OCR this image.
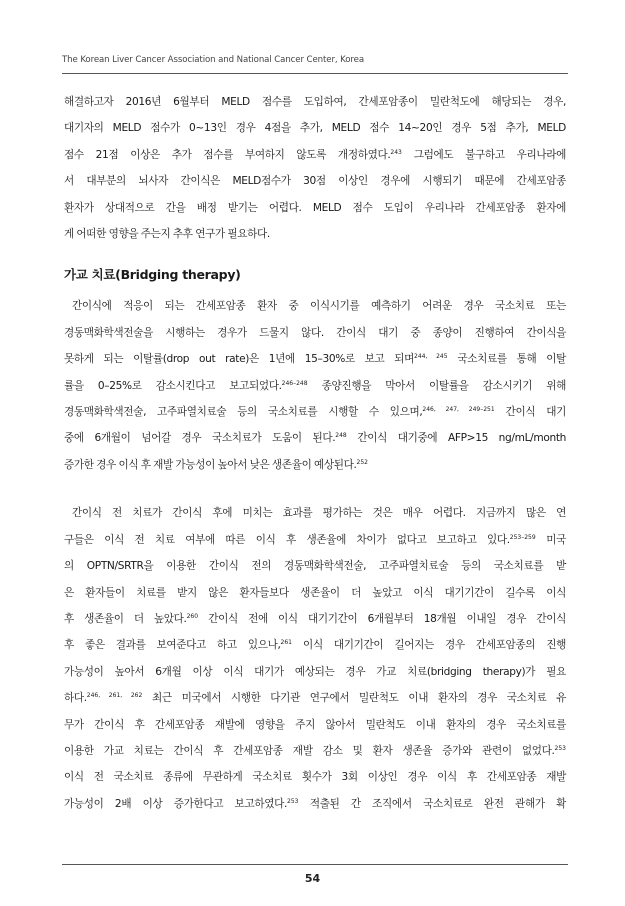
The Korean Liver Cancer Association and National Cancer Center, Korea
해결하고자 2016년 6월부터 MELD 점수를 도입하여, 간세포암종이 밀란척도에 해당되는 경우,
대기자의 MELD 점수가 0~13인 경우 4점을 추가, MELD 점수 14~20인 경우 5점 추가, MELD
점수 21점 이상은 추가 점수를 부여하지 않도록 개정하였다.$^{243}$ 그럼에도 불구하고 우리나라에
서 대부분의 뇌사자 간이식은 MELD점수가 30점 이상인 경우에 시행되기 때문에 간세포암종
환자가 상대적으로 간을 배정 받기는 어렵다. MELD 점수 도입이 우리나라 간세포암종 환자에
게 어떠한 영향을 주는지 추후 연구가 필요하다.
가교 치료(Bridging therapy)
간이식에 적응이 되는 간세포암종 환자 중 이식시기를 예측하기 어려운 경우 국소치료 또는
경동맥화학색전술을 시행하는 경우가 드물지 않다. 간이식 대기 중 종양이 진행하여 간이식을
못하게 되는 이탈률(drop out rate)은 1년에 15–30%로 보고 되며$^{244, 245}$ 국소치료를 통해 이탈
률을 0–25%로 감소시킨다고 보고되었다.$^{246-248}$ 종양진행을 막아서 이탈률을 감소시키기 위해
경동맥화학색전술, 고주파열치료술 등의 국소치료를 시행할 수 있으며,$^{246, 247, 249-251}$ 간이식 대기
중에 6개월이 넘어갈 경우 국소치료가 도움이 된다.$^{248}$ 간이식 대기중에 AFP>15 ng/mL/month
증가한 경우 이식 후 재발 가능성이 높아서 낮은 생존율이 예상된다.$^{252}$
간이식 전 치료가 간이식 후에 미치는 효과를 평가하는 것은 매우 어렵다. 지금까지 많은 연
구들은 이식 전 치료 여부에 따른 이식 후 생존율에 차이가 없다고 보고하고 있다.$^{253-259}$ 미국
의 OPTN/SRTR을 이용한 간이식 전의 경동맥화학색전술, 고주파열치료술 등의 국소치료를 받
은 환자들이 치료를 받지 않은 환자들보다 생존율이 더 높았고 이식 대기기간이 길수록 이식
후 생존율이 더 높았다.$^{260}$ 간이식 전에 이식 대기기간이 6개월부터 18개월 이내일 경우 간이식
후 좋은 결과를 보여준다고 하고 있으나,$^{261}$ 이식 대기기간이 길어지는 경우 간세포암종의 진행
가능성이 높아서 6개월 이상 이식 대기가 예상되는 경우 가교 치료(bridging therapy)가 필요
하다.$^{246, 261, 262}$ 최근 미국에서 시행한 다기관 연구에서 밀란척도 이내 환자의 경우 국소치료 유
무가 간이식 후 간세포암종 재발에 영향을 주지 않아서 밀란척도 이내 환자의 경우 국소치료를
이용한 가교 치료는 간이식 후 간세포암종 재발 감소 및 환자 생존율 증가와 관련이 없었다.$^{253}$
이식 전 국소치료 종류에 무관하게 국소치료 횟수가 3회 이상인 경우 이식 후 간세포암종 재발
가능성이 2배 이상 증가한다고 보고하였다.$^{253}$ 적출된 간 조직에서 국소치료로 완전 관해가 확
54
